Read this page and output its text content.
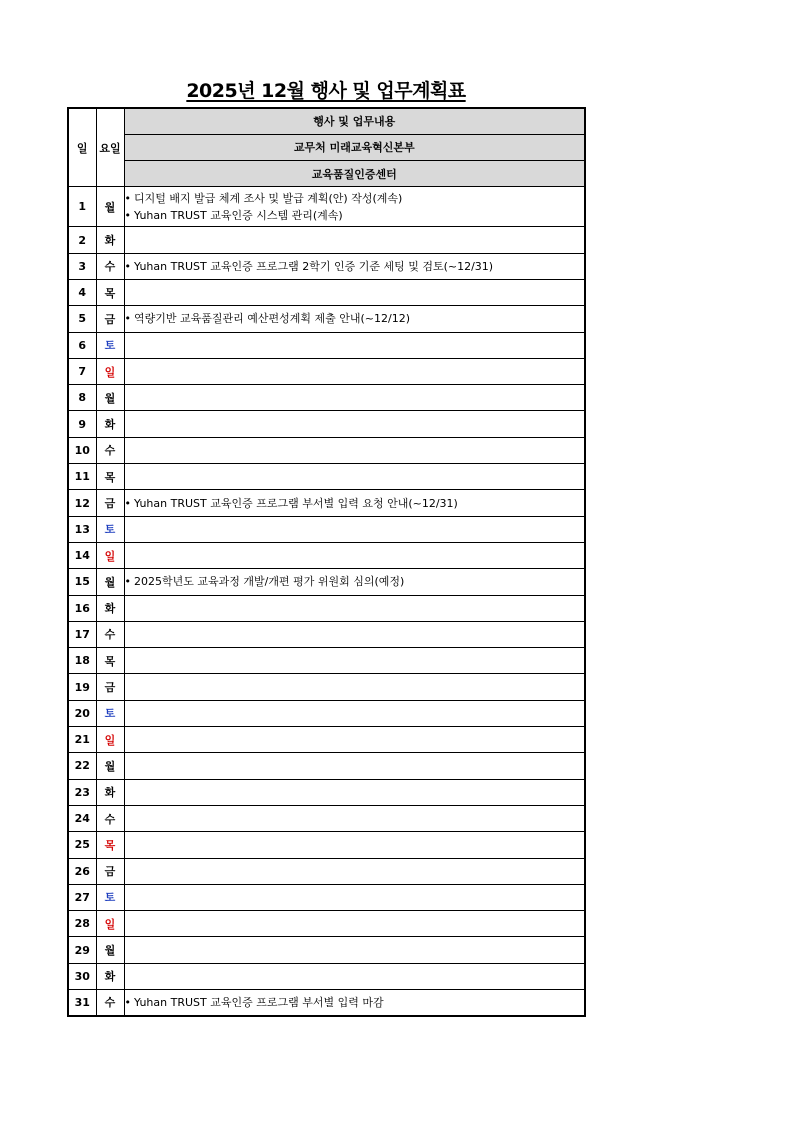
2025년 12월 행사 및 업무계획표
일	요일	행사 및 업무내용
		교무처 미래교육혁신본부
		교육품질인증센터
1	월	• 디지털 배지 발급 체계 조사 및 발급 계획(안) 작성(계속)
• Yuhan TRUST 교육인증 시스템 관리(계속)

2	화	
3	수	• Yuhan TRUST 교육인증 프로그램 2학기 인증 기준 세팅 및 검토(~12/31)

4	목	
5	금	• 역량기반 교육품질관리 예산편성계획 제출 안내(~12/12)

6	토	
7	일	
8	월	
9	화	
10	수	
11	목	
12	금	• Yuhan TRUST 교육인증 프로그램 부서별 입력 요청 안내(~12/31)

13	토	
14	일	
15	월	• 2025학년도 교육과정 개발/개편 평가 위원회 심의(예정)

16	화	
17	수	
18	목	
19	금	
20	토	
21	일	
22	월	
23	화	
24	수	
25	목	
26	금	
27	토	
28	일	
29	월	
30	화	
31	수	• Yuhan TRUST 교육인증 프로그램 부서별 입력 마감
